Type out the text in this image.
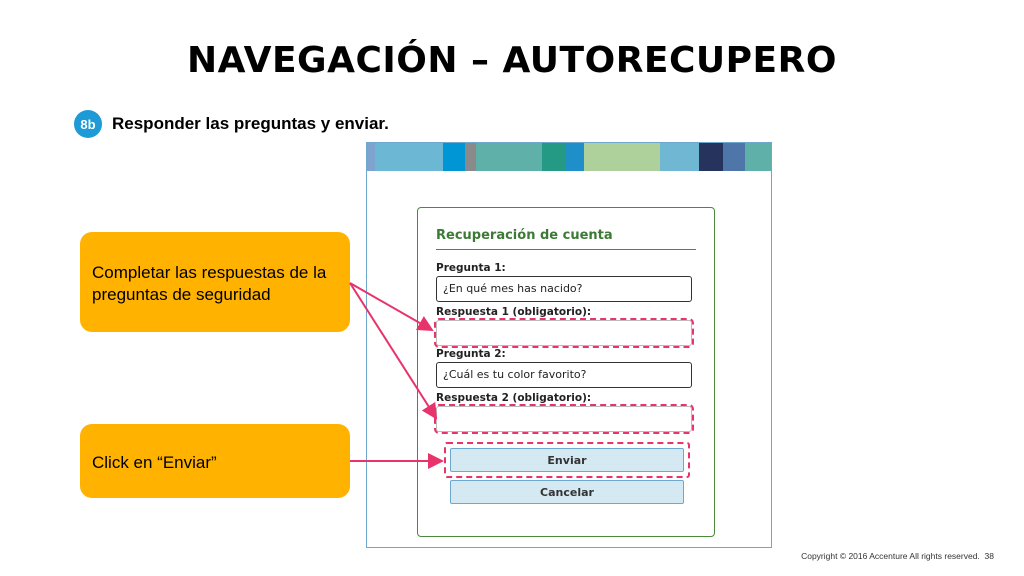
NAVEGACIÓN – AUTORECUPERO
8b Responder las preguntas y enviar.
Recuperación de cuenta
Pregunta 1:
¿En qué mes has nacido?
Respuesta 1 (obligatorio):
Pregunta 2:
¿Cuál es tu color favorito?
Respuesta 2 (obligatorio):
Enviar
Cancelar
Completar las respuestas de la preguntas de seguridad
Click en “Enviar”
Copyright © 2016 Accenture All rights reserved. 38
